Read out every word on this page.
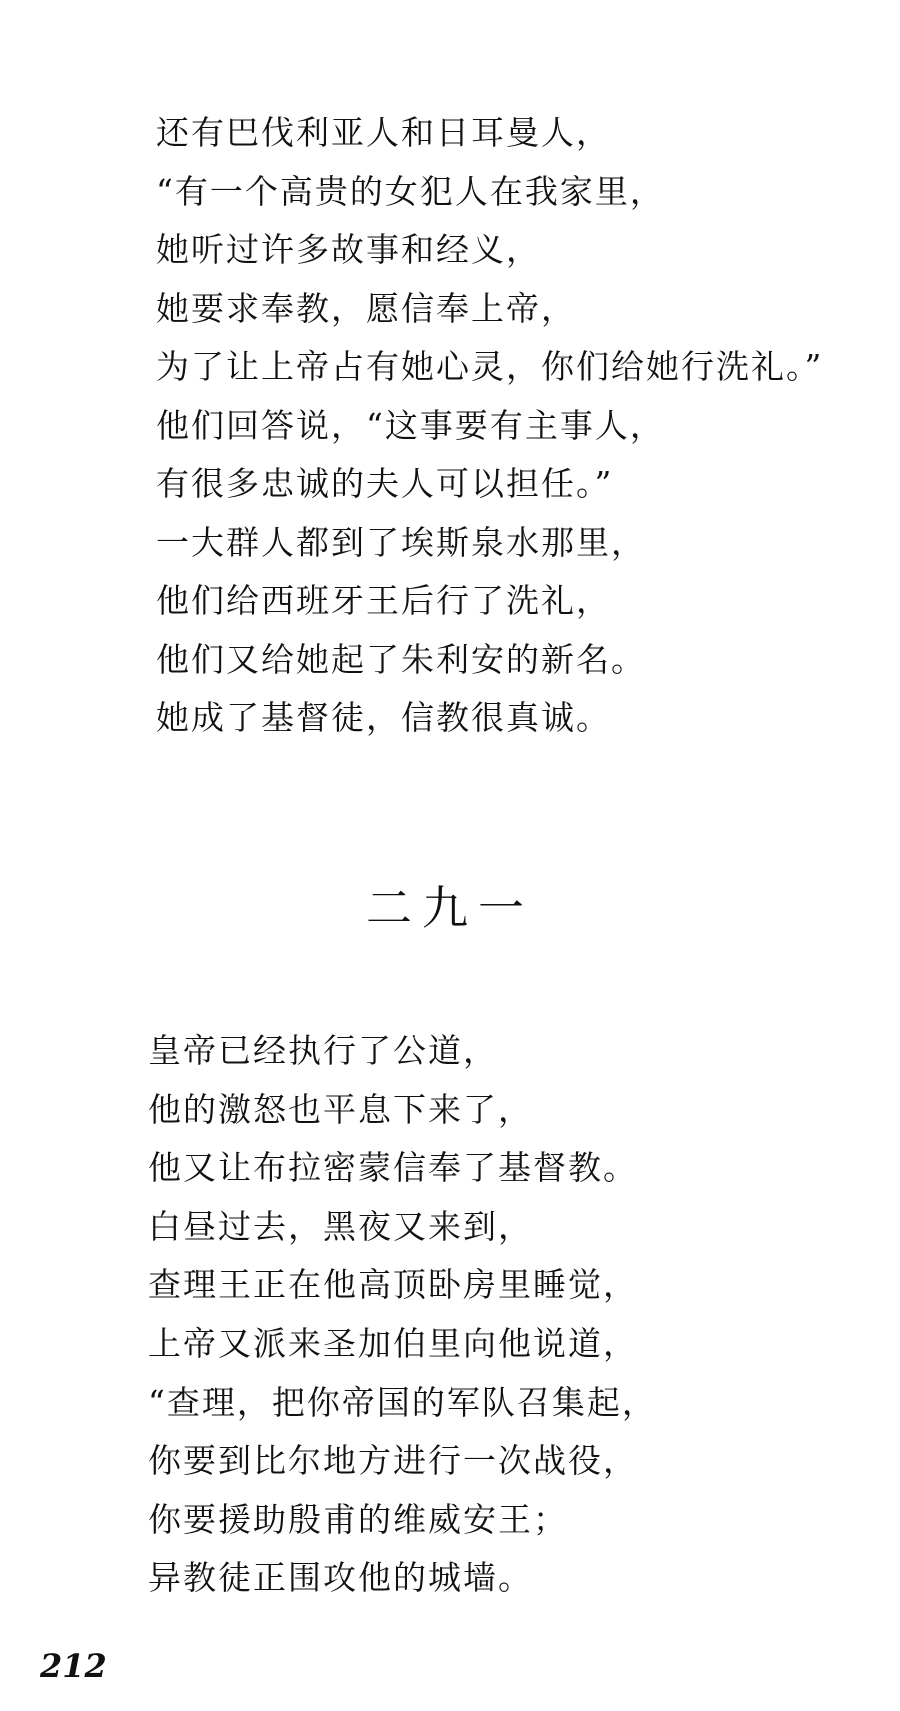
还有巴伐利亚人和日耳曼人，
“有一个高贵的女犯人在我家里，
她听过许多故事和经义，
她要求奉教，愿信奉上帝，
为了让上帝占有她心灵，你们给她行洗礼。”
他们回答说，“这事要有主事人，
有很多忠诚的夫人可以担任。”
一大群人都到了埃斯泉水那里，
他们给西班牙王后行了洗礼，
他们又给她起了朱利安的新名。
她成了基督徒，信教很真诚。
二九一
皇帝已经执行了公道，
他的激怒也平息下来了，
他又让布拉密蒙信奉了基督教。
白昼过去，黑夜又来到，
查理王正在他高顶卧房里睡觉，
上帝又派来圣加伯里向他说道，
“查理，把你帝国的军队召集起，
你要到比尔地方进行一次战役，
你要援助殷甫的维威安王；
异教徒正围攻他的城墙。
212
